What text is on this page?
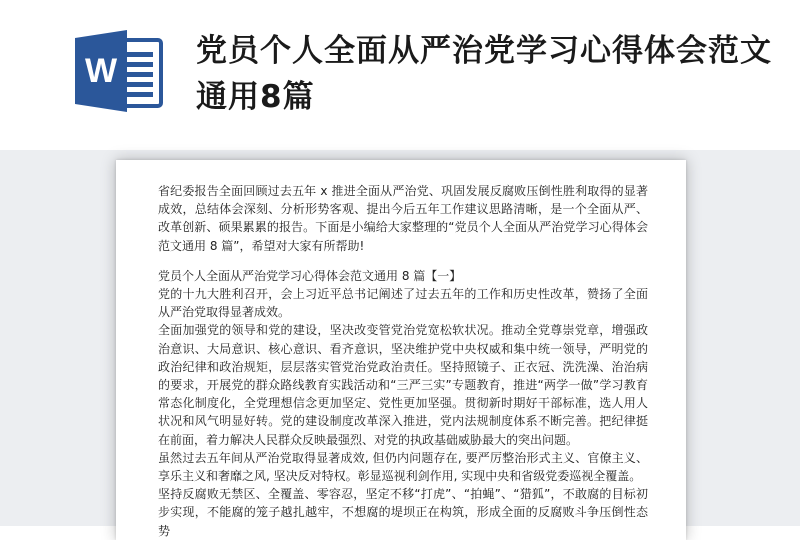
W
党员个人全面从严治党学习心得体会范文通用8篇

省纪委报告全面回顾过去五年 x 推进全面从严治党、巩固发展反腐败压倒性胜利取得的显著成效，总结体会深刻、分析形势客观、提出今后五年工作建议思路清晰，是一个全面从严、改革创新、硕果累累的报告。下面是小编给大家整理的“党员个人全面从严治党学习心得体会范文通用 8 篇”，希望对大家有所帮助!

党员个人全面从严治党学习心得体会范文通用 8 篇【一】

党的十九大胜利召开，会上习近平总书记阐述了过去五年的工作和历史性改革，赞扬了全面从严治党取得显著成效。

全面加强党的领导和党的建设，坚决改变管党治党宽松软状况。推动全党尊崇党章，增强政治意识、大局意识、核心意识、看齐意识，坚决维护党中央权威和集中统一领导，严明党的政治纪律和政治规矩，层层落实管党治党政治责任。坚持照镜子、正衣冠、洗洗澡、治治病的要求，开展党的群众路线教育实践活动和“三严三实”专题教育，推进“两学一做”学习教育常态化制度化，全党理想信念更加坚定、党性更加坚强。贯彻新时期好干部标准，选人用人状况和风气明显好转。党的建设制度改革深入推进，党内法规制度体系不断完善。把纪律挺在前面，着力解决人民群众反映最强烈、对党的执政基础威胁最大的突出问题。

虽然过去五年间从严治党取得显著成效, 但仍内问题存在, 要严厉整治形式主义、官僚主义、享乐主义和奢靡之风, 坚决反对特权。彰显巡视利剑作用, 实现中央和省级党委巡视全覆盖。

坚持反腐败无禁区、全覆盖、零容忍，坚定不移“打虎”、“拍蝇”、“猎狐”，不敢腐的目标初步实现，不能腐的笼子越扎越牢，不想腐的堤坝正在构筑，形成全面的反腐败斗争压倒性态势
